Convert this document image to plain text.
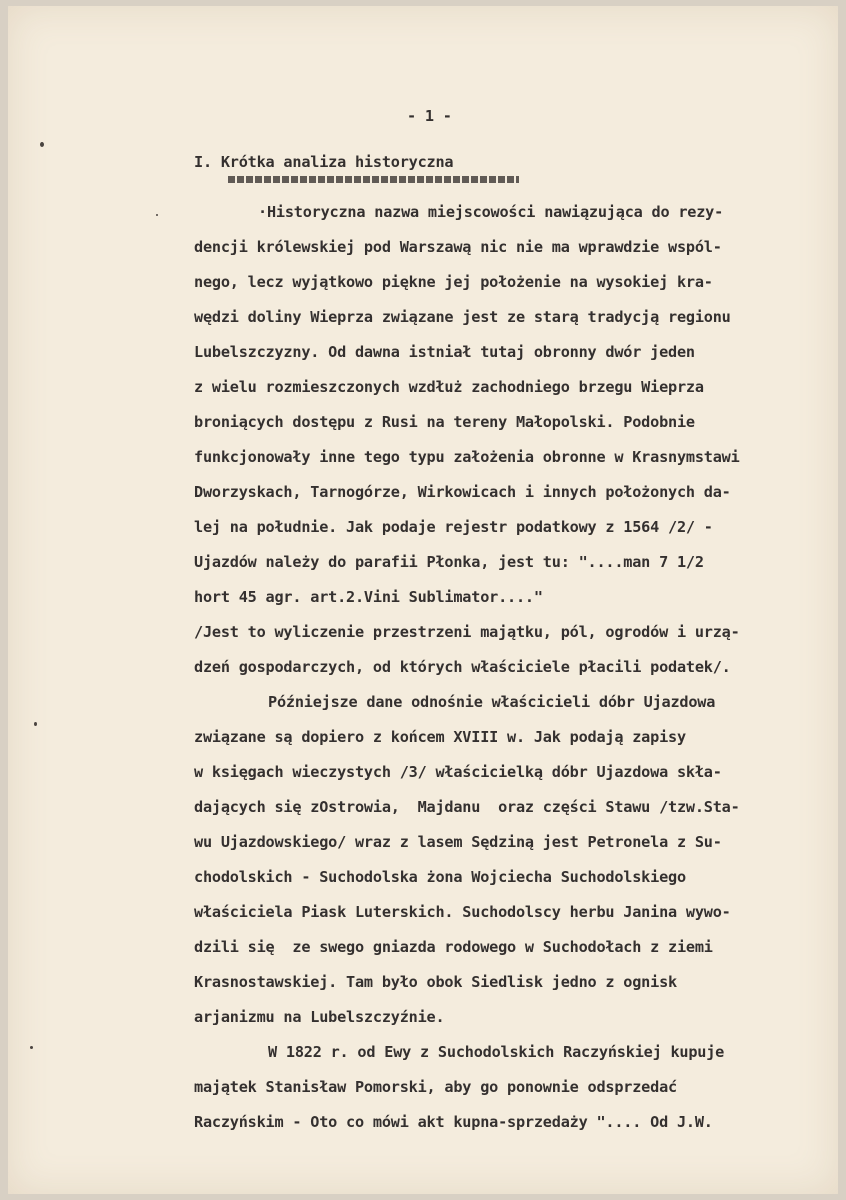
- 1 -
I. Krótka analiza historyczna
·Historyczna nazwa miejscowości nawiązująca do rezy-
dencji królewskiej pod Warszawą nic nie ma wprawdzie wspól-
nego, lecz wyjątkowo piękne jej położenie na wysokiej kra-
wędzi doliny Wieprza związane jest ze starą tradycją regionu
Lubelszczyzny. Od dawna istniał tutaj obronny dwór jeden
z wielu rozmieszczonych wzdłuż zachodniego brzegu Wieprza
broniących dostępu z Rusi na tereny Małopolski. Podobnie
funkcjonowały inne tego typu założenia obronne w Krasnymstawi
Dworzyskach, Tarnogórze, Wirkowicach i innych położonych da-
lej na południe. Jak podaje rejestr podatkowy z 1564 /2/ -
Ujazdów należy do parafii Płonka, jest tu: "....man 7 1/2
hort 45 agr. art.2.Vini Sublimator...."
/Jest to wyliczenie przestrzeni majątku, pól, ogrodów i urzą-
dzeń gospodarczych, od których właściciele płacili podatek/.
Późniejsze dane odnośnie właścicieli dóbr Ujazdowa
związane są dopiero z końcem XVIII w. Jak podają zapisy
w księgach wieczystych /3/ właścicielką dóbr Ujazdowa skła-
dających się zOstrowia,  Majdanu  oraz części Stawu /tzw.Sta-
wu Ujazdowskiego/ wraz z lasem Sędziną jest Petronela z Su-
chodolskich - Suchodolska żona Wojciecha Suchodolskiego
właściciela Piask Luterskich. Suchodolscy herbu Janina wywo-
dzili się  ze swego gniazda rodowego w Suchodołach z ziemi
Krasnostawskiej. Tam było obok Siedlisk jedno z ognisk
arjanizmu na Lubelszczyźnie.
W 1822 r. od Ewy z Suchodolskich Raczyńskiej kupuje
majątek Stanisław Pomorski, aby go ponownie odsprzedać
Raczyńskim - Oto co mówi akt kupna-sprzedaży ".... Od J.W.
